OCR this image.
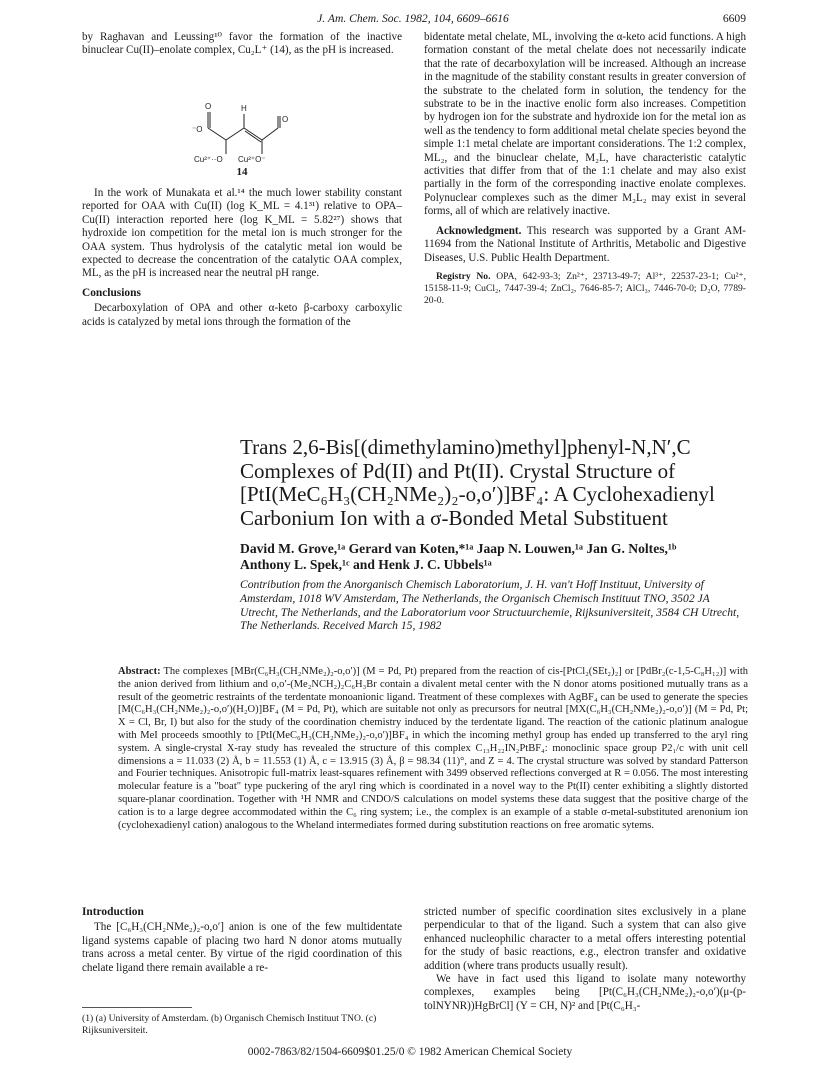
J. Am. Chem. Soc. 1982, 104, 6609–6616	6609

by Raghavan and Leussing¹⁰ favor the formation of the inactive binuclear Cu(II)–enolate complex, Cu₂L⁺ (14), as the pH is increased.

O	H
O
⁻O
Cu²⁺··O Cu²⁺O⁻
14

In the work of Munakata et al.¹⁴ the much lower stability constant reported for OAA with Cu(II) (log K_ML = 4.1³¹) relative to OPA–Cu(II) interaction reported here (log K_ML = 5.82²⁷) shows that hydroxide ion competition for the metal ion is much stronger for the OAA system. Thus hydrolysis of the catalytic metal ion would be expected to decrease the concentration of the catalytic OAA complex, ML, as the pH is increased near the neutral pH range.

Conclusions

Decarboxylation of OPA and other α-keto β-carboxy carboxylic acids is catalyzed by metal ions through the formation of the

bidentate metal chelate, ML, involving the α-keto acid functions. A high formation constant of the metal chelate does not necessarily indicate that the rate of decarboxylation will be increased. Although an increase in the magnitude of the stability constant results in greater conversion of the substrate to the chelated form in solution, the tendency for the substrate to be in the inactive enolic form also increases. Competition by hydrogen ion for the substrate and hydroxide ion for the metal ion as well as the tendency to form additional metal chelate species beyond the simple 1:1 metal chelate are important considerations. The 1:2 complex, ML₂, and the binuclear chelate, M₂L, have characteristic catalytic activities that differ from that of the 1:1 chelate and may also exist partially in the form of the corresponding inactive enolate complexes. Polynuclear complexes such as the dimer M₂L₂ may exist in several forms, all of which are relatively inactive.

Acknowledgment. This research was supported by a Grant AM-11694 from the National Institute of Arthritis, Metabolic and Digestive Diseases, U.S. Public Health Department.

Registry No. OPA, 642-93-3; Zn²⁺, 23713-49-7; Al³⁺, 22537-23-1; Cu²⁺, 15158-11-9; CuCl₂, 7447-39-4; ZnCl₂, 7646-85-7; AlCl₃, 7446-70-0; D₂O, 7789-20-0.

Trans 2,6-Bis[(dimethylamino)methyl]phenyl-N,N′,C
Complexes of Pd(II) and Pt(II). Crystal Structure of
[PtI(MeC₆H₃(CH₂NMe₂)₂-o,o′)]BF₄: A Cyclohexadienyl
Carbonium Ion with a σ-Bonded Metal Substituent
David M. Grove,¹ᵃ Gerard van Koten,*¹ᵃ Jaap N. Louwen,¹ᵃ Jan G. Noltes,¹ᵇ
Anthony L. Spek,¹ᶜ and Henk J. C. Ubbels¹ᵃ
Contribution from the Anorganisch Chemisch Laboratorium, J. H. van't Hoff Instituut, University of Amsterdam, 1018 WV Amsterdam, The Netherlands, the Organisch Chemisch Instituut TNO, 3502 JA Utrecht, The Netherlands, and the Laboratorium voor Structuurchemie, Rijksuniversiteit, 3584 CH Utrecht, The Netherlands. Received March 15, 1982
Abstract: The complexes [MBr(C₆H₃(CH₂NMe₂)₂-o,o′)] (M = Pd, Pt) prepared from the reaction of cis-[PtCl₂(SEt₂)₂] or [PdBr₂(c-1,5-C₈H₁₂)] with the anion derived from lithium and o,o′-(Me₂NCH₂)₂C₆H₃Br contain a divalent metal center with the N donor atoms positioned mutually trans as a result of the geometric restraints of the terdentate monoanionic ligand. Treatment of these complexes with AgBF₄ can be used to generate the species [M(C₆H₃(CH₂NMe₂)₂-o,o′)(H₂O)]BF₄ (M = Pd, Pt), which are suitable not only as precursors for neutral [MX(C₆H₃(CH₂NMe₂)₂-o,o′)] (M = Pd, Pt; X = Cl, Br, I) but also for the study of the coordination chemistry induced by the terdentate ligand. The reaction of the cationic platinum analogue with MeI proceeds smoothly to [PtI(MeC₆H₃(CH₂NMe₂)₂-o,o′)]BF₄ in which the incoming methyl group has ended up transferred to the aryl ring system. A single-crystal X-ray study has revealed the structure of this complex C₁₃H₂₂IN₂PtBF₄: monoclinic space group P2₁/c with unit cell dimensions a = 11.033 (2) Å, b = 11.553 (1) Å, c = 13.915 (3) Å, β = 98.34 (11)°, and Z = 4. The crystal structure was solved by standard Patterson and Fourier techniques. Anisotropic full-matrix least-squares refinement with 3499 observed reflections converged at R = 0.056. The most interesting molecular feature is a "boat" type puckering of the aryl ring which is coordinated in a novel way to the Pt(II) center exhibiting a slightly distorted square-planar coordination. Together with ¹H NMR and CNDO/S calculations on model systems these data suggest that the positive charge of the cation is to a large degree accommodated within the C₆ ring system; i.e., the complex is an example of a stable σ-metal-substituted arenonium ion (cyclohexadienyl cation) analogous to the Wheland intermediates formed during substitution reactions on free aromatic sytems.
Introduction

The [C₆H₃(CH₂NMe₂)₂-o,o′] anion is one of the few multidentate ligand systems capable of placing two hard N donor atoms mutually trans across a metal center. By virtue of the rigid coordination of this chelate ligand there remain available a re-

(1) (a) University of Amsterdam. (b) Organisch Chemisch Instituut TNO. (c) Rijksuniversiteit.

stricted number of specific coordination sites exclusively in a plane perpendicular to that of the ligand. Such a system that can also give enhanced nucleophilic character to a metal offers interesting potential for the study of basic reactions, e.g., electron transfer and oxidative addition (where trans products usually result).

We have in fact used this ligand to isolate many noteworthy complexes, examples being [Pt(C₆H₃(CH₂NMe₂)₂-o,o′)(μ-(p-tolNYNR))HgBrCl] (Y = CH, N)² and [Pt(C₆H₃-

0002-7863/82/1504-6609$01.25/0 © 1982 American Chemical Society
